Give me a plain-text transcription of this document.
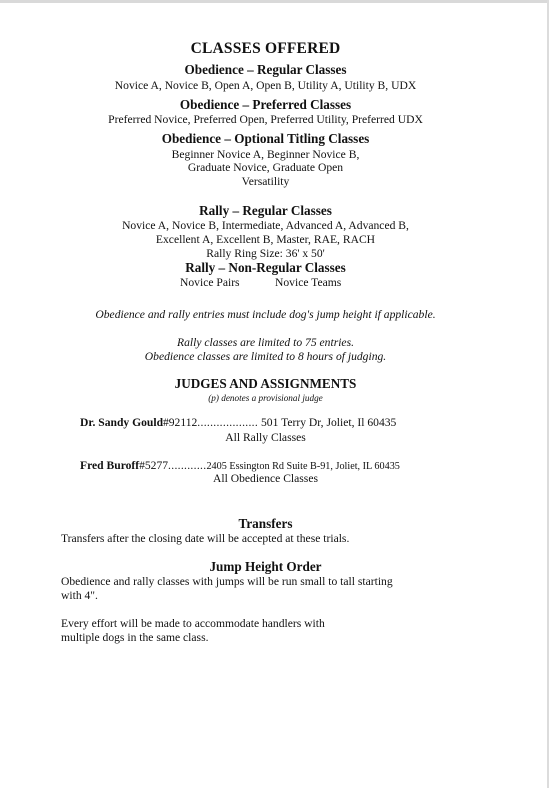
CLASSES OFFERED
Obedience – Regular Classes
Novice A, Novice B, Open A, Open B, Utility A, Utility B, UDX
Obedience – Preferred Classes
Preferred Novice, Preferred Open, Preferred Utility, Preferred UDX
Obedience – Optional Titling Classes
Beginner Novice A, Beginner Novice B,
Graduate Novice, Graduate Open
Versatility
Rally – Regular Classes
Novice A, Novice B, Intermediate, Advanced A, Advanced B,
Excellent A, Excellent B, Master, RAE, RACH
Rally Ring Size: 36' x 50'
Rally – Non-Regular Classes
Novice Pairs	Novice Teams
Obedience and rally entries must include dog's jump height if applicable.
Rally classes are limited to 75 entries.
Obedience classes are limited to 8 hours of judging.
JUDGES AND ASSIGNMENTS
(p) denotes a provisional judge
Dr. Sandy Gould #92112................... 501 Terry Dr, Joliet, Il 60435
All Rally Classes
Fred Buroff #5277............2405 Essington Rd Suite B-91, Joliet, IL 60435
All Obedience Classes
Transfers
Transfers after the closing date will be accepted at these trials.
Jump Height Order
Obedience and rally classes with jumps will be run small to tall starting
with 4".
Every effort will be made to accommodate handlers with
multiple dogs in the same class.
